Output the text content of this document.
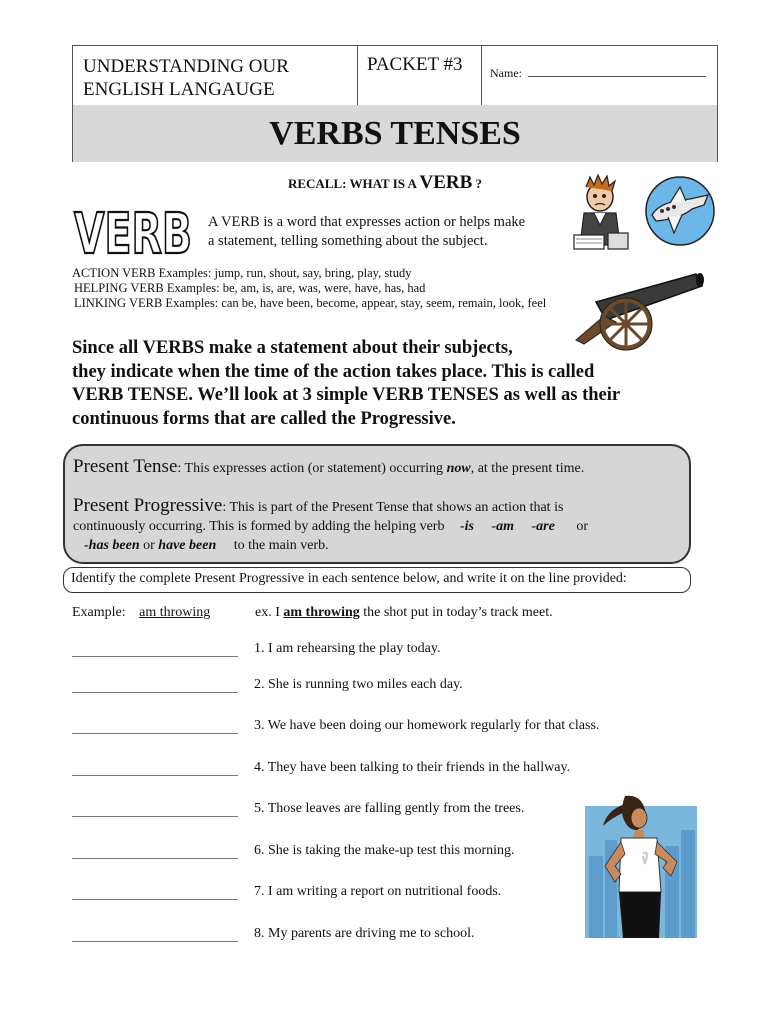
UNDERSTANDING OUR
ENGLISH LANGAUGE
PACKET #3	Name:
VERBS TENSES
RECALL: WHAT IS A VERB ?
VERB A VERB is a word that expresses action or helps make
a statement, telling something about the subject.
ACTION VERB Examples: jump, run, shout, say, bring, play, study
HELPING VERB Examples: be, am, is, are, was, were, have, has, had
LINKING VERB Examples: can be, have been, become, appear, stay, seem, remain, look, feel
Since all VERBS make a statement about their subjects,
they indicate when the time of the action takes place. This is called
VERB TENSE. We’ll look at 3 simple VERB TENSES as well as their
continuous forms that are called the Progressive.
Present Tense: This expresses action (or statement) occurring now, at the present time.
Present Progressive: This is part of the Present Tense that shows an action that is
continuously occurring. This is formed by adding the helping verb -is -am -are or
-has been or have been to the main verb.
Identify the complete Present Progressive in each sentence below, and write it on the line provided:
Example: am throwing	ex. I am throwing the shot put in today’s track meet.
1. I am rehearsing the play today.
2. She is running two miles each day.
3. We have been doing our homework regularly for that class.
4. They have been talking to their friends in the hallway.
5. Those leaves are falling gently from the trees.
6. She is taking the make-up test this morning.
7. I am writing a report on nutritional foods.
8. My parents are driving me to school.
